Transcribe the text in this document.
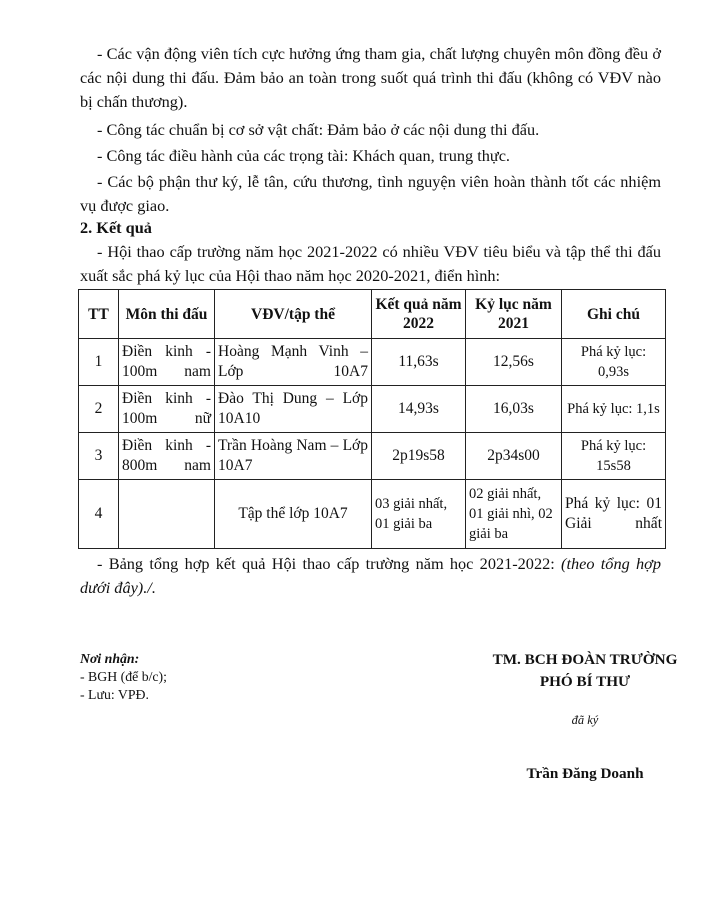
- Các vận động viên tích cực hưởng ứng tham gia, chất lượng chuyên môn đồng đều ở các nội dung thi đấu. Đảm bảo an toàn trong suốt quá trình thi đấu (không có VĐV nào bị chấn thương).

- Công tác chuẩn bị cơ sở vật chất: Đảm bảo ở các nội dung thi đấu.

- Công tác điều hành của các trọng tài: Khách quan, trung thực.

- Các bộ phận thư ký, lễ tân, cứu thương, tình nguyện viên hoàn thành tốt các nhiệm vụ được giao.

2. Kết quả

- Hội thao cấp trường năm học 2021-2022 có nhiều VĐV tiêu biểu và tập thể thi đấu xuất sắc phá kỷ lục của Hội thao năm học 2020-2021, điển hình:

TT	Môn thi đấu	VĐV/tập thể	Kết quả năm 2022	Kỷ lục năm 2021	Ghi chú
1	Điền kinh - 100m nam	Hoàng Mạnh Vinh – Lớp 10A7	11,63s	12,56s	Phá kỷ lục: 0,93s
2	Điền kinh - 100m nữ	Đào Thị Dung – Lớp 10A10	14,93s	16,03s	Phá kỷ lục: 1,1s
3	Điền kinh - 800m nam	Trần Hoàng Nam – Lớp 10A7	2p19s58	2p34s00	Phá kỷ lục: 15s58
4		Tập thể lớp 10A7	03 giải nhất, 01 giải ba	02 giải nhất, 01 giải nhì, 02 giải ba	Phá kỷ lục: 01 Giải nhất

- Bảng tổng hợp kết quả Hội thao cấp trường năm học 2021-2022: (theo tổng hợp dưới đây)./.

Nơi nhận:
- BGH (để b/c);
- Lưu: VPĐ.
TM. BCH ĐOÀN TRƯỜNG
PHÓ BÍ THƯ
đã ký
Trần Đăng Doanh
